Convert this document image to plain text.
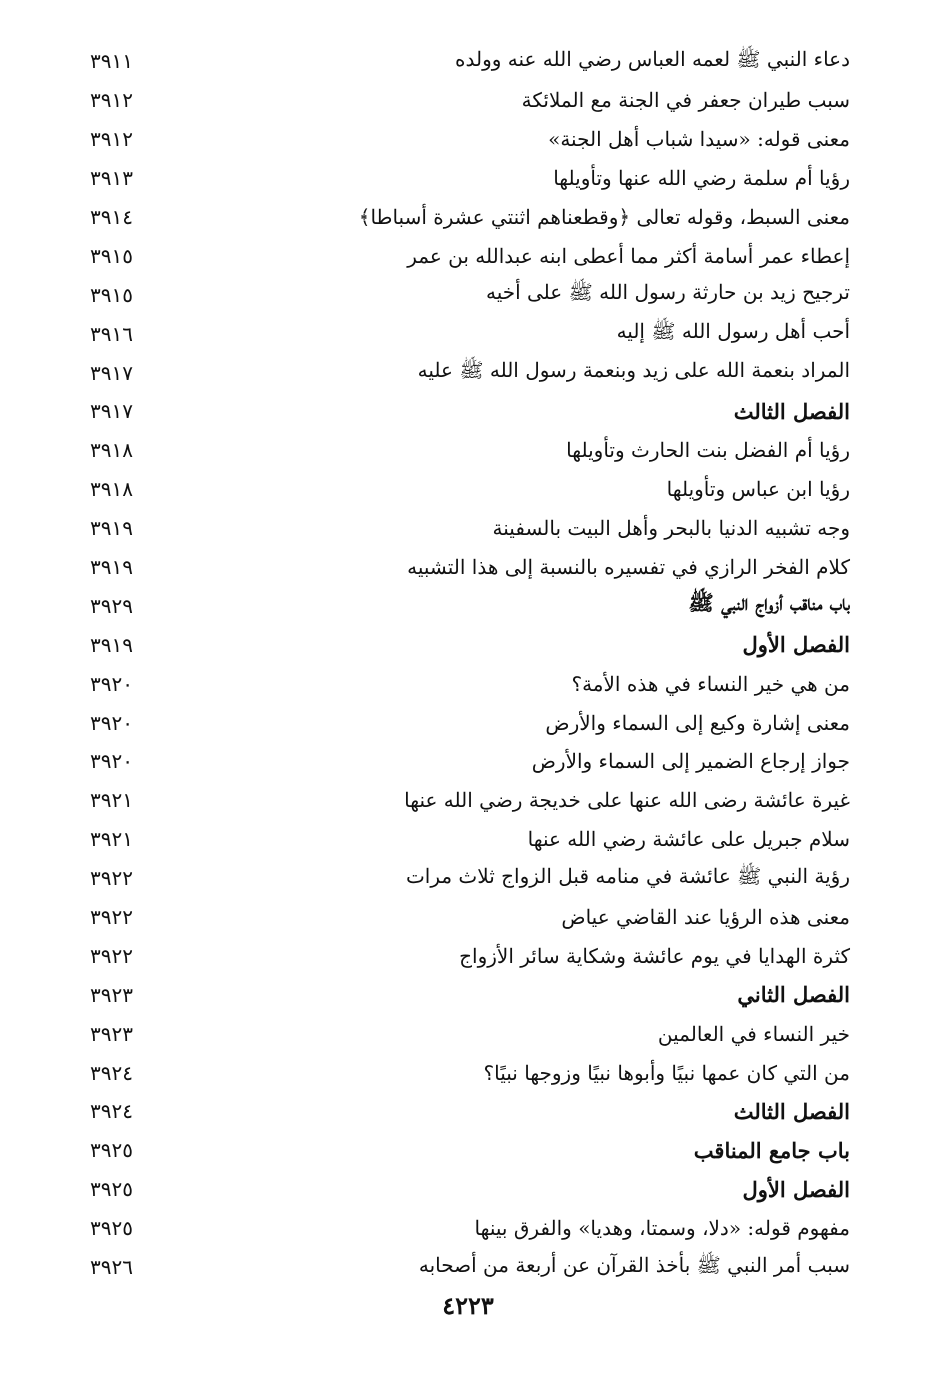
دعاء النبي ﷺ لعمه العباس رضي الله عنه وولده
٣٩١١
سبب طيران جعفر في الجنة مع الملائكة
٣٩١٢
معنى قوله: «سيدا شباب أهل الجنة»
٣٩١٢
رؤيا أم سلمة رضي الله عنها وتأويلها
٣٩١٣
معنى السبط، وقوله تعالى ﴿وقطعناهم اثنتي عشرة أسباطا﴾
٣٩١٤
إعطاء عمر أسامة أكثر مما أعطى ابنه عبدالله بن عمر
٣٩١٥
ترجيح زيد بن حارثة رسول الله ﷺ على أخيه
٣٩١٥
أحب أهل رسول الله ﷺ إليه
٣٩١٦
المراد بنعمة الله على زيد وبنعمة رسول الله ﷺ عليه
٣٩١٧
الفصل الثالث
٣٩١٧
رؤيا أم الفضل بنت الحارث وتأويلها
٣٩١٨
رؤيا ابن عباس وتأويلها
٣٩١٨
وجه تشبيه الدنيا بالبحر وأهل البيت بالسفينة
٣٩١٩
كلام الفخر الرازي في تفسيره بالنسبة إلى هذا التشبيه
٣٩١٩
باب مناقب أزواج النبي ﷺ
٣٩٢٩
الفصل الأول
٣٩١٩
من هي خير النساء في هذه الأمة؟
٣٩٢٠
معنى إشارة وكيع إلى السماء والأرض
٣٩٢٠
جواز إرجاع الضمير إلى السماء والأرض
٣٩٢٠
غيرة عائشة رضى الله عنها على خديجة رضي الله عنها
٣٩٢١
سلام جبريل على عائشة رضي الله عنها
٣٩٢١
رؤية النبي ﷺ عائشة في منامه قبل الزواج ثلاث مرات
٣٩٢٢
معنى هذه الرؤيا عند القاضي عياض
٣٩٢٢
كثرة الهدايا في يوم عائشة وشكاية سائر الأزواج
٣٩٢٢
الفصل الثاني
٣٩٢٣
خير النساء في العالمين
٣٩٢٣
من التي كان عمها نبيًا وأبوها نبيًا وزوجها نبيًا؟
٣٩٢٤
الفصل الثالث
٣٩٢٤
باب جامع المناقب
٣٩٢٥
الفصل الأول
٣٩٢٥
مفهوم قوله: «دلا، وسمتا، وهديا» والفرق بينها
٣٩٢٥
سبب أمر النبي ﷺ بأخذ القرآن عن أربعة من أصحابه
٣٩٢٦
٤٢٢٣
